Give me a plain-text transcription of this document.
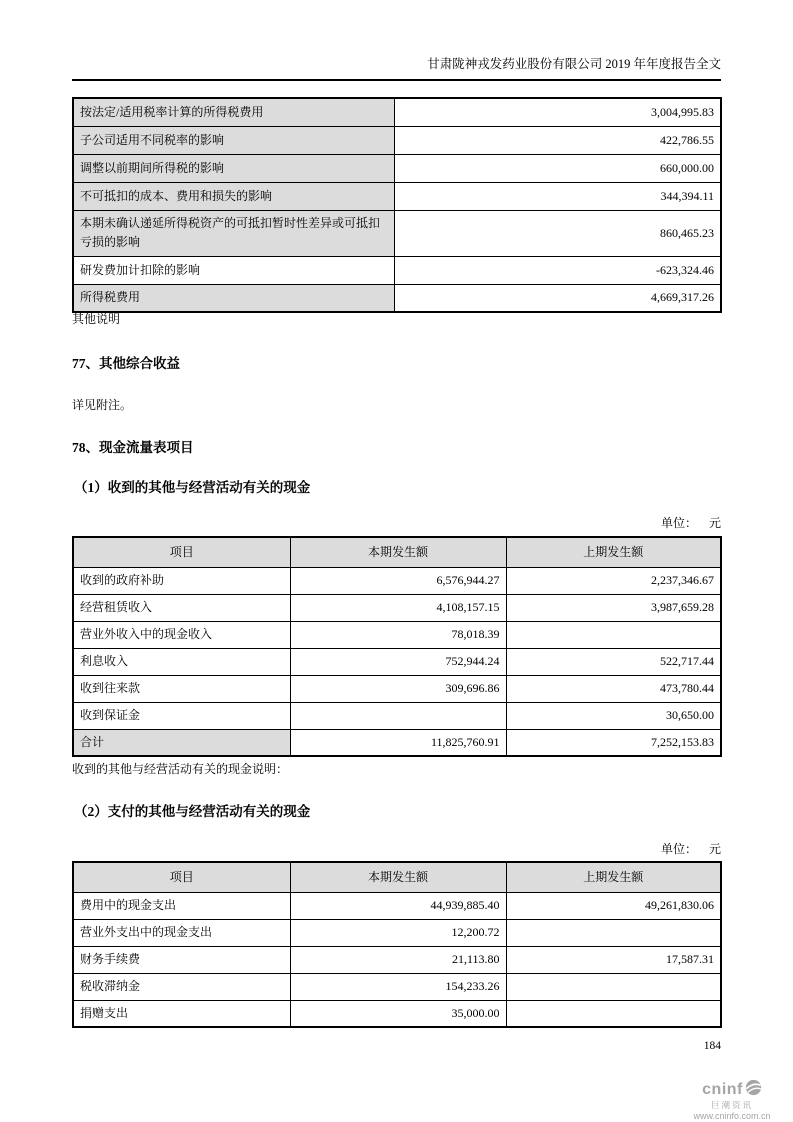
甘肃陇神戎发药业股份有限公司 2019 年年度报告全文
按法定/适用税率计算的所得税费用	3,004,995.83
子公司适用不同税率的影响	422,786.55
调整以前期间所得税的影响	660,000.00
不可抵扣的成本、费用和损失的影响	344,394.11
本期未确认递延所得税资产的可抵扣暂时性差异或可抵扣亏损的影响	860,465.23
研发费加计扣除的影响	-623,324.46
所得税费用	4,669,317.26
其他说明
77、其他综合收益
详见附注。
78、现金流量表项目
（1）收到的其他与经营活动有关的现金
单位：    元
项目	本期发生额	上期发生额
收到的政府补助	6,576,944.27	2,237,346.67
经营租赁收入	4,108,157.15	3,987,659.28
营业外收入中的现金收入	78,018.39	
利息收入	752,944.24	522,717.44
收到往来款	309,696.86	473,780.44
收到保证金		30,650.00
合计	11,825,760.91	7,252,153.83
收到的其他与经营活动有关的现金说明：
（2）支付的其他与经营活动有关的现金
单位：    元
项目	本期发生额	上期发生额
费用中的现金支出	44,939,885.40	49,261,830.06
营业外支出中的现金支出	12,200.72	
财务手续费	21,113.80	17,587.31
税收滞纳金	154,233.26	
捐赠支出	35,000.00	
184
cninf
巨潮资讯
www.cninfo.com.cn
